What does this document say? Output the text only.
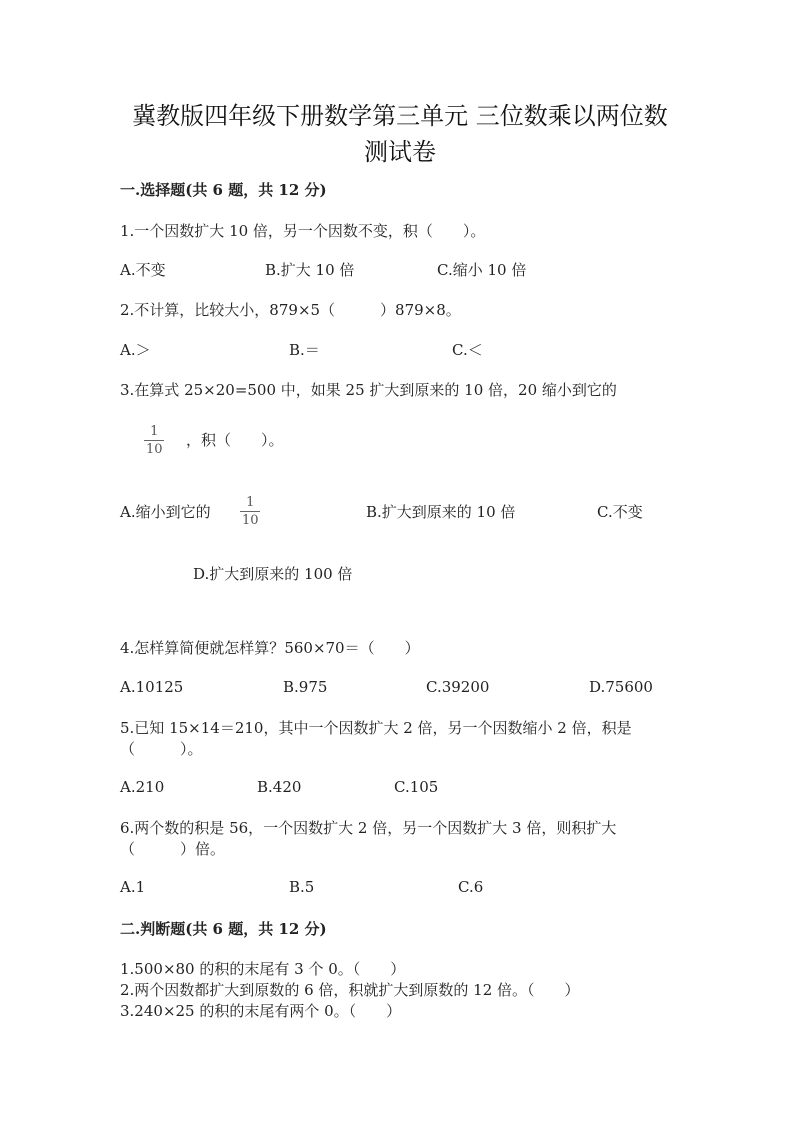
冀教版四年级下册数学第三单元 三位数乘以两位数
测试卷
一.选择题(共 6 题，共 12 分)
1.一个因数扩大 10 倍，另一个因数不变，积（　　）。
A.不变	B.扩大 10 倍	C.缩小 10 倍
2.不计算，比较大小，879×5（　　　）879×8。
A.＞	B.＝	C.＜
3.在算式 25×20=500 中，如果 25 扩大到原来的 10 倍，20 缩小到它的
1
10
，积（　　）。
A.缩小到它的
1
10	B.扩大到原来的 10 倍	C.不变
D.扩大到原来的 100 倍
4.怎样算简便就怎样算？560×70＝（　　）
A.10125	B.975	C.39200	D.75600
5.已知 15×14＝210，其中一个因数扩大 2 倍，另一个因数缩小 2 倍，积是
（　　　）。
A.210	B.420	C.105
6.两个数的积是 56，一个因数扩大 2 倍，另一个因数扩大 3 倍，则积扩大
（　　　）倍。
A.1	B.5	C.6
二.判断题(共 6 题，共 12 分)
1.500×80 的积的末尾有 3 个 0。（　　）
2.两个因数都扩大到原数的 6 倍，积就扩大到原数的 12 倍。（　　）
3.240×25 的积的末尾有两个 0。（　　）
